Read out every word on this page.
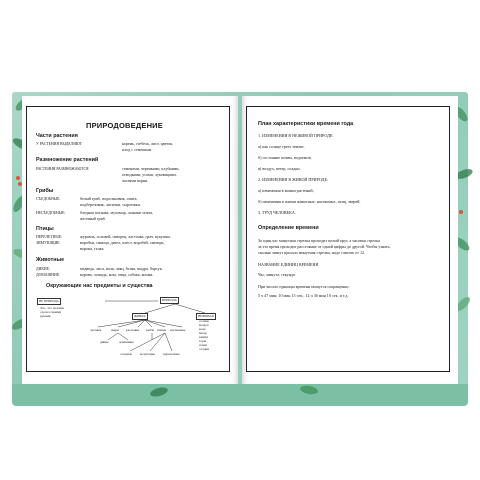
ПРИРОДОВЕДЕНИЕ
Части растения
У РАСТЕНИЯ ВЫДЕЛЯЮТ	корень, стебель, лист, цветок,
плод с семенами.
Размножение растений
РАСТЕНИЯ РАЗМНОЖАЮТСЯ	семенами, черенками, клубнями,
отводками, усами, луковицами,
частями корня.
Грибы
СЪЕДОБНЫЕ:	белый гриб, подосиновик, опята,
подберезовик, лисички, сыроежки.
НЕСЪЕДОБНЫЕ:	бледная поганка, мухомор, ложные опята,
желчный гриб.
Птицы
ПЕРЕЛЕТНЫЕ:	журавль, соловей, скворец, ласточка, грач, кукушка.
ЗИМУЮЩИЕ:	воробьи, синица, дятел, клест, воробей, снегирь,
ворона, галка.
Животные
ДИКИЕ:	медведь, лиса, волк, заяц, белка, выдра, барсук.
ДОМАШНИЕ:	корова, лошадь, коза, овца, собака, кошка.
Окружающие нас предметы и существа
НЕ ПРИРОДА
Это, что человек
сделал своими
руками
ПРИРОДА
ЖИВАЯ	НЕЖИВАЯ
человек	звери растения рыбы птицы насекомые
солнце
воздух
вода
ветер
камни
горы
почва
осадки
дикие	домашние
оседлые кочующие перелетные
План характеристики времени года
1. ИЗМЕНЕНИЯ В НЕЖИВОЙ ПРИРОДЕ:
а) как солнце греет землю;
б) состояние почвы, водоемов;
в) воздух, ветер, осадки.
2. ИЗМЕНЕНИЯ В ЖИВОЙ ПРИРОДЕ:
а) изменения в жизни растений;
б) изменения в жизни животных: насекомых, птиц, зверей.
3. ТРУД ЧЕЛОВЕКА.
Определение времени
За один час минутная стрелка проходит целый круг, а часовая стрелка
за это время проходит расстояние от одной цифры до другой. Чтобы узнать,
сколько минут прошло минутная стрелка, надо считать от 12.
НАЗВАНИЕ ЕДИНИЦ ВРЕМЕНИ
Час, минута, секунда.
При числах единицы времени пишутся сокращенно:
5 ч 47 мин; 10 мин 15 сек.; 12 ч 30 мин 10 сек. и т.д.
